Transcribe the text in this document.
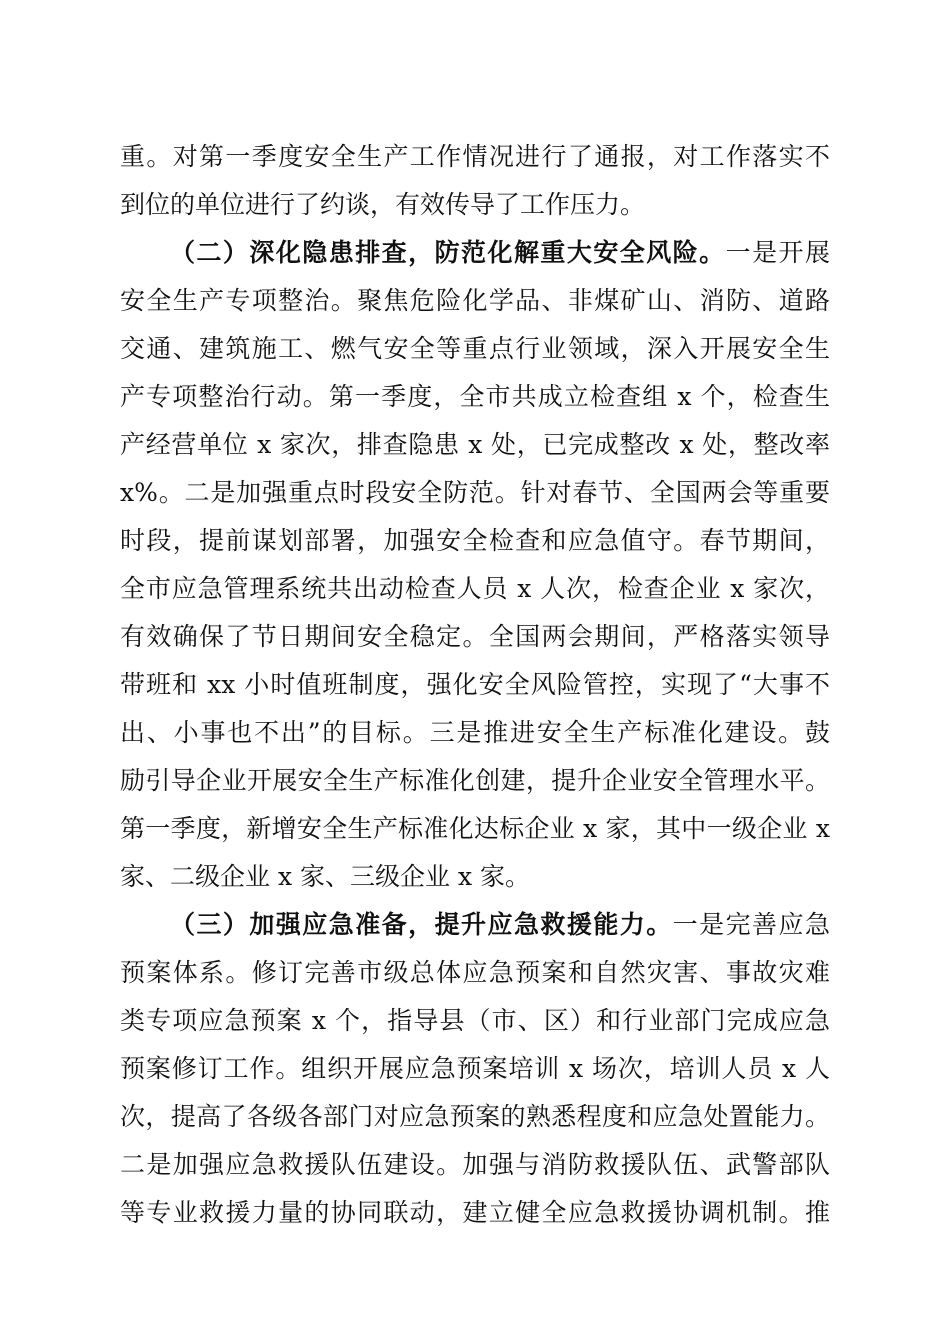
重。对第一季度安全生产工作情况进行了通报，对工作落实不
到位的单位进行了约谈，有效传导了工作压力。
（二）深化隐患排查，防范化解重大安全风险。一是开展
安全生产专项整治。聚焦危险化学品、非煤矿山、消防、道路
交通、建筑施工、燃气安全等重点行业领域，深入开展安全生
产专项整治行动。第一季度，全市共成立检查组 x 个，检查生
产经营单位 x 家次，排查隐患 x 处，已完成整改 x 处，整改率
x%。二是加强重点时段安全防范。针对春节、全国两会等重要
时段，提前谋划部署，加强安全检查和应急值守。春节期间，
全市应急管理系统共出动检查人员 x 人次，检查企业 x 家次，
有效确保了节日期间安全稳定。全国两会期间，严格落实领导
带班和 xx 小时值班制度，强化安全风险管控，实现了“大事不
出、小事也不出”的目标。三是推进安全生产标准化建设。鼓
励引导企业开展安全生产标准化创建，提升企业安全管理水平。
第一季度，新增安全生产标准化达标企业 x 家，其中一级企业 x
家、二级企业 x 家、三级企业 x 家。
（三）加强应急准备，提升应急救援能力。一是完善应急
预案体系。修订完善市级总体应急预案和自然灾害、事故灾难
类专项应急预案 x 个，指导县（市、区）和行业部门完成应急
预案修订工作。组织开展应急预案培训 x 场次，培训人员 x 人
次，提高了各级各部门对应急预案的熟悉程度和应急处置能力。
二是加强应急救援队伍建设。加强与消防救援队伍、武警部队
等专业救援力量的协同联动，建立健全应急救援协调机制。推
